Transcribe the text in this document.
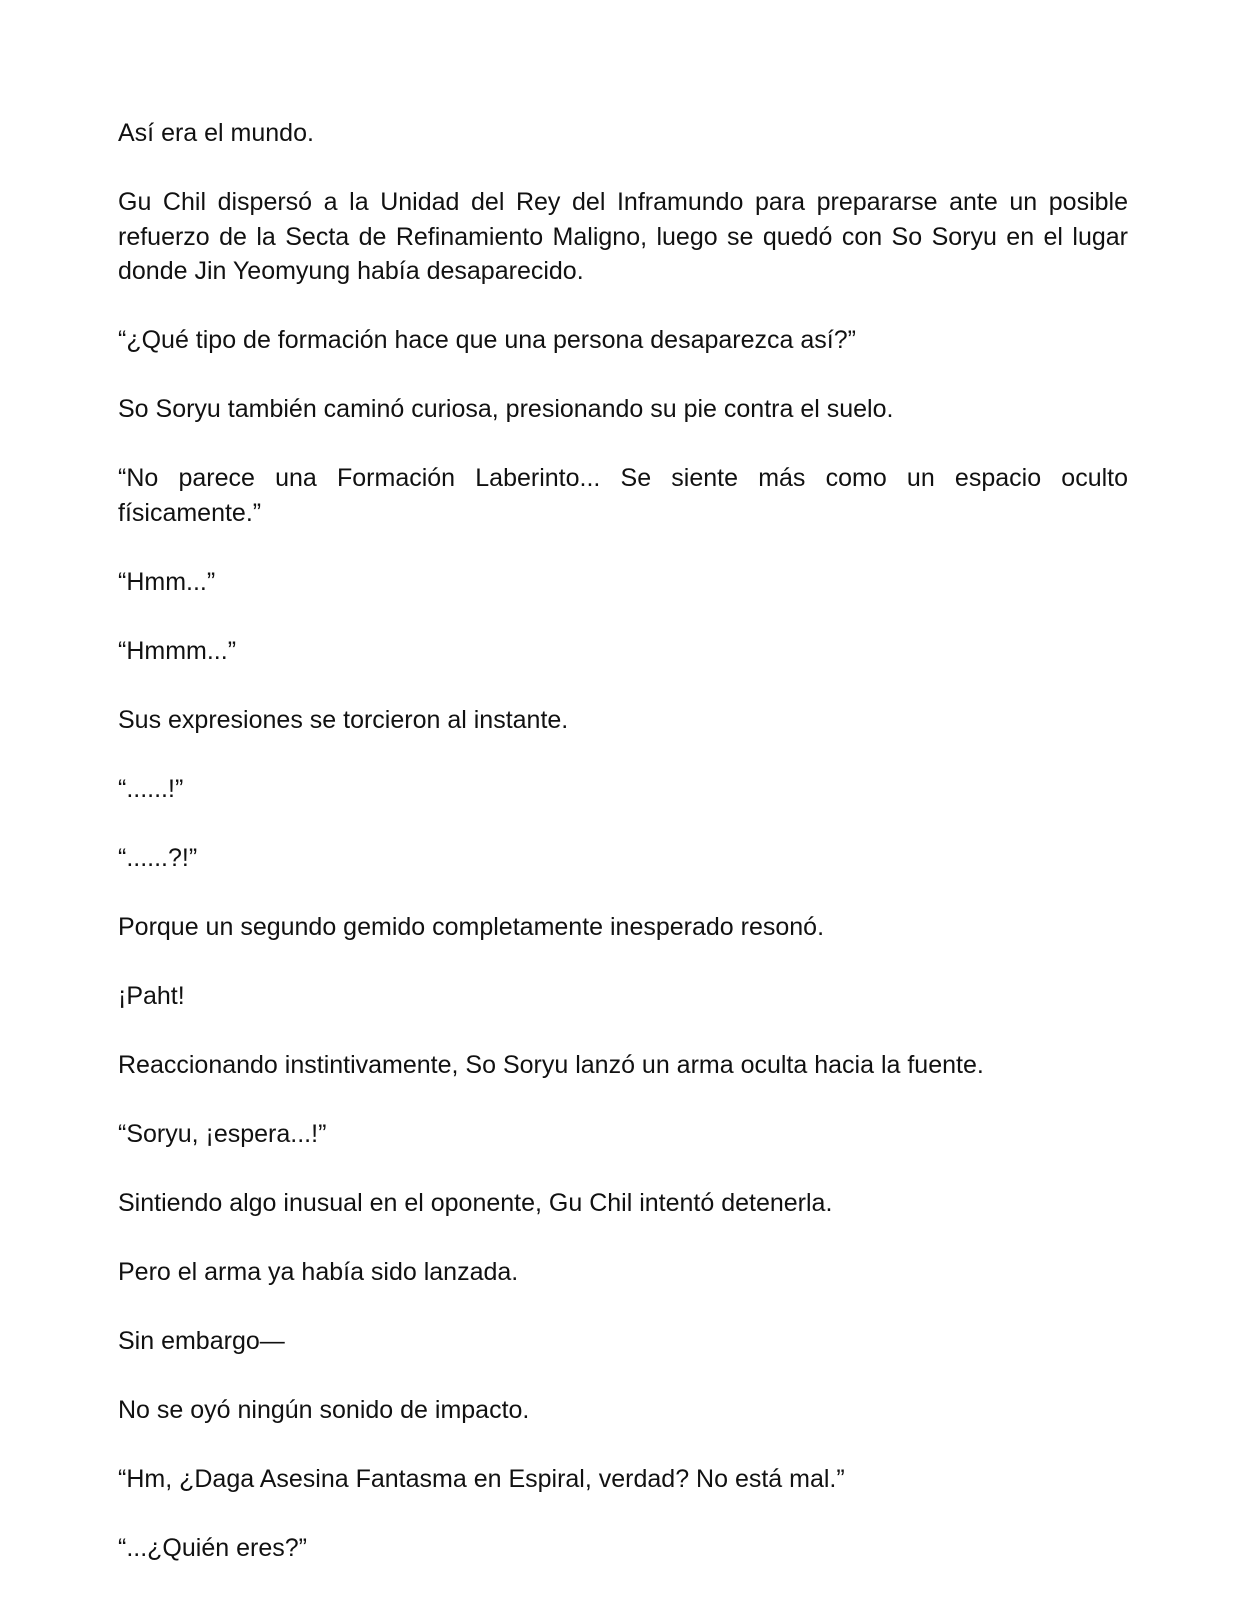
Así era el mundo.

Gu Chil dispersó a la Unidad del Rey del Inframundo para prepararse ante un posible refuerzo de la Secta de Refinamiento Maligno, luego se quedó con So Soryu en el lugar donde Jin Yeomyung había desaparecido.

“¿Qué tipo de formación hace que una persona desaparezca así?”

So Soryu también caminó curiosa, presionando su pie contra el suelo.

“No parece una Formación Laberinto... Se siente más como un espacio oculto físicamente.”

“Hmm...”

“Hmmm...”

Sus expresiones se torcieron al instante.

“......!”

“......?!”

Porque un segundo gemido completamente inesperado resonó.

¡Paht!

Reaccionando instintivamente, So Soryu lanzó un arma oculta hacia la fuente.

“Soryu, ¡espera...!”

Sintiendo algo inusual en el oponente, Gu Chil intentó detenerla.

Pero el arma ya había sido lanzada.

Sin embargo—

No se oyó ningún sonido de impacto.

“Hm, ¿Daga Asesina Fantasma en Espiral, verdad? No está mal.”

“...¿Quién eres?”
